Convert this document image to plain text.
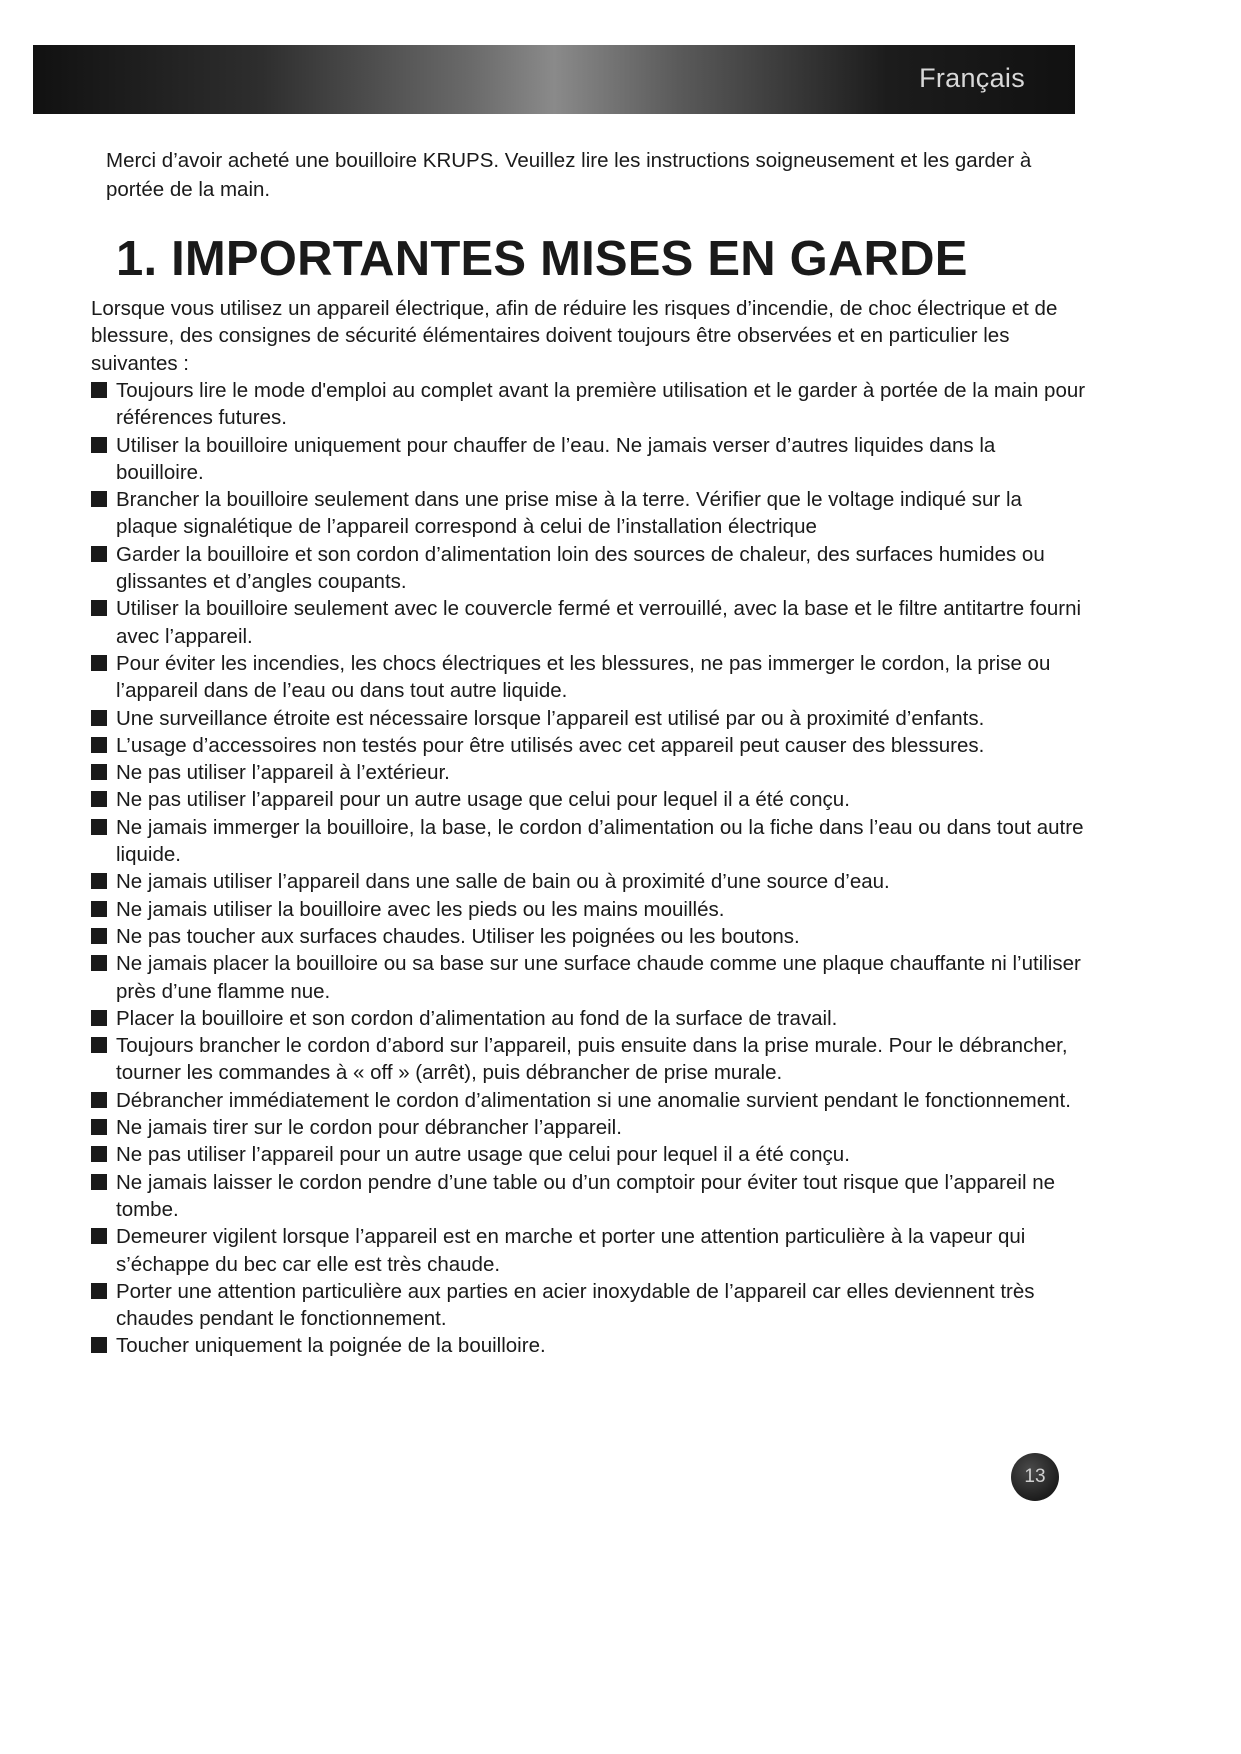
Français
Merci d’avoir acheté une bouilloire KRUPS. Veuillez lire les instructions soigneusement et les garder à portée de la main.
1. IMPORTANTES MISES EN GARDE
Lorsque vous utilisez un appareil électrique, afin de réduire les risques d’incendie, de choc électrique et de blessure, des consignes de sécurité élémentaires doivent toujours être observées et en particulier les suivantes :
Toujours lire le mode d'emploi au complet avant la première utilisation et le garder à portée de la main pour références futures.
Utiliser la bouilloire uniquement pour chauffer de l’eau. Ne jamais verser d’autres liquides dans la bouilloire.
Brancher la bouilloire seulement dans une prise mise à la terre. Vérifier que le voltage indiqué sur la plaque signalétique de l’appareil correspond à celui de l’installation électrique
Garder la bouilloire et son cordon d’alimentation loin des sources de chaleur, des surfaces humides ou glissantes et d’angles coupants.
Utiliser la bouilloire seulement avec le couvercle fermé et verrouillé, avec la base et le filtre antitartre fourni avec l’appareil.
Pour éviter les incendies, les chocs électriques et les blessures, ne pas immerger le cordon, la prise ou l’appareil dans de l’eau ou dans tout autre liquide.
Une surveillance étroite est nécessaire lorsque l’appareil est utilisé par ou à proximité d’enfants.
L’usage d’accessoires non testés pour être utilisés avec cet appareil peut causer des blessures.
Ne pas utiliser l’appareil à l’extérieur.
Ne pas utiliser l’appareil pour un autre usage que celui pour lequel il a été conçu.
Ne jamais immerger la bouilloire, la base, le cordon d’alimentation ou la fiche dans l’eau ou dans tout autre liquide.
Ne jamais utiliser l’appareil dans une salle de bain ou à proximité d’une source d’eau.
Ne jamais utiliser la bouilloire avec les pieds ou les mains mouillés.
Ne pas toucher aux surfaces chaudes. Utiliser les poignées ou les boutons.
Ne jamais placer la bouilloire ou sa base sur une surface chaude comme une plaque chauffante ni l’utiliser près d’une flamme nue.
Placer la bouilloire et son cordon d’alimentation au fond de la surface de travail.
Toujours brancher le cordon d’abord sur l’appareil, puis ensuite dans la prise murale. Pour le débrancher, tourner les commandes à « off » (arrêt), puis débrancher de prise murale.
Débrancher immédiatement le cordon d’alimentation si une anomalie survient pendant le fonctionnement.
Ne jamais tirer sur le cordon pour débrancher l’appareil.
Ne pas utiliser l’appareil pour un autre usage que celui pour lequel il a été conçu.
Ne jamais laisser le cordon pendre d’une table ou d’un comptoir pour éviter tout risque que l’appareil ne tombe.
Demeurer vigilent lorsque l’appareil est en marche et porter une attention particulière à la vapeur qui s’échappe du bec car elle est très chaude.
Porter une attention particulière aux parties en acier inoxydable de l’appareil car elles deviennent très chaudes pendant le fonctionnement.
Toucher uniquement la poignée de la bouilloire.
13
